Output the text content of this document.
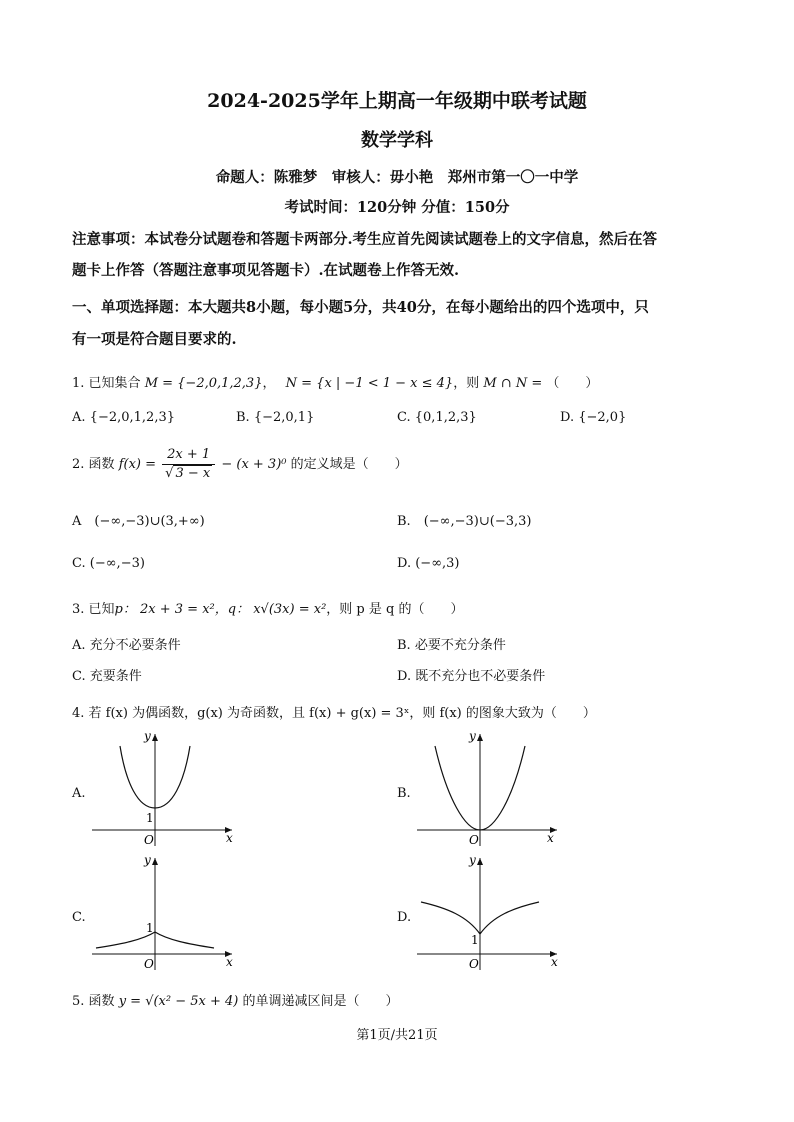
2024-2025学年上期高一年级期中联考试题
数学学科
命题人：陈雅梦　审核人：毋小艳　郑州市第一〇一中学
考试时间：120分钟 分值：150分
注意事项：本试卷分试题卷和答题卡两部分.考生应首先阅读试题卷上的文字信息，然后在答
题卡上作答（答题注意事项见答题卡）.在试题卷上作答无效.
一、单项选择题：本大题共8小题，每小题5分，共40分，在每小题给出的四个选项中，只
有一项是符合题目要求的.
1. 已知集合 M = {−2,0,1,2,3}， N = {x | −1 < 1 − x ≤ 4}，则 M ∩ N = （　　）
A. {−2,0,1,2,3}	B. {−2,0,1}	C. {0,1,2,3}	D. {−2,0}
2. 函数 $f(x) = \frac{2x + 1}{√ 3 - x} - (x + 3)^0$ 的定义域是（　　）
A　 (−∞,−3)∪(3,+∞)	B.　 (−∞,−3)∪(−3,3)
C. (−∞,−3)	D. (−∞,3)
3. 已知p： 2x + 3 = x²，q： x√(3x) = x²，则 p 是 q 的（　　）
A. 充分不必要条件	B. 必要不充分条件
C. 充要条件	D. 既不充分也不必要条件
4. 若 f(x) 为偶函数，g(x) 为奇函数，且 f(x) + g(x) = 3ˣ，则 f(x) 的图象大致为（　　）
A.
y
x
O
1
B.
y
x
O
C.
y
x
O
1
D.
y
x
O
1
5. 函数 y = √(x² − 5x + 4) 的单调递减区间是（　　）
第1页/共21页
